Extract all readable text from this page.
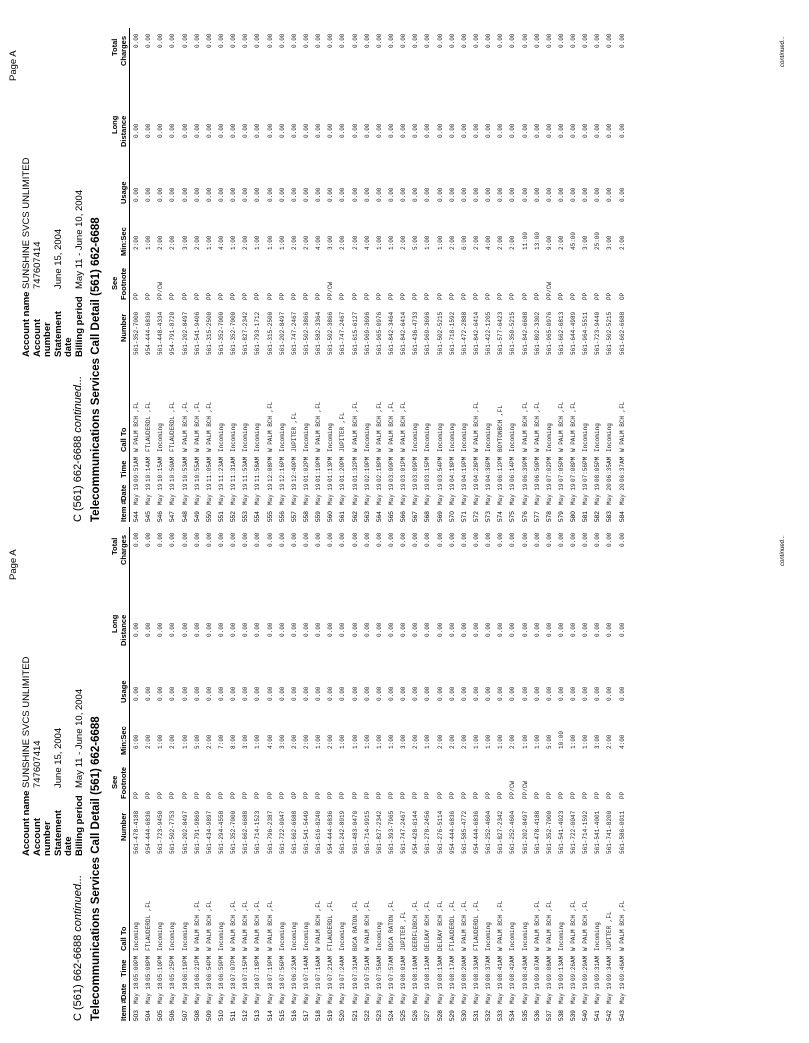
Page A
Account name
SUNSHINE SVCS UNLIMITED
Account number
747607414
Statement date
June 15, 2004
Billing period
May 11 - June 10, 2004
C (561) 662-6688 continued... Telecommunications Services Call Detail (561) 662-6688 Item #
Date
Time
Call To
Number
See Footnote
Min:Sec
Usage
Long Distance
Total Charges
503
May 18
05:00
PM
Incoming
561-478-4188
PP
6:00
0.00
0.00
0.00
504
May 18
05:08
PM
FTLAUDERDL ,FL
954-444-6836
PP
2:00
0.00
0.00
0.00
505
May 18
05:10
PM
Incoming
561-723-9450
PP
1:00
0.00
0.00
0.00
506
May 18
05:25
PM
Incoming
561-502-7753
PP
2:00
0.00
0.00
0.00
507
May 18
06:19
PM
Incoming
561-202-8497
PP
1:00
0.00
0.00
0.00
508
May 18
06:21
PM
W PALM BCH ,FL
561-791-9869
PP
5:00
0.00
0.00
0.00
509
May 18
06:54
PM
W PALM BCH ,FL
561-434-9897
PP
2:00
0.00
0.00
0.00
510
May 18
06:59
PM
Incoming
561-294-4558
PP
7:00
0.00
0.00
0.00
511
May 18
07:07
PM
W PALM BCH ,FL
561-352-7000
PP
8:00
0.00
0.00
0.00
512
May 18
07:15
PM
W PALM BCH ,FL
561-662-6688
PP
3:00
0.00
0.00
0.00
513
May 18
07:18
PM
W PALM BCH ,FL
561-714-1523
PP
1:00
0.00
0.00
0.00
514
May 18
07:19
PM
W PALM BCH ,FL
561-796-2387
PP
4:00
0.00
0.00
0.00
515
May 18
07:56
PM
Incoming
561-722-0047
PP
3:00
0.00
0.00
0.00
516
May 19
06:23
AM
Incoming
561-662-6688
OP
2:00
0.00
0.00
0.00
517
May 19
07:14
AM
Incoming
561-541-5449
PP
2:00
0.00
0.00
0.00
518
May 19
07:16
AM
W PALM BCH ,FL
561-616-8240
PP
1:00
0.00
0.00
0.00
519
May 19
07:21
AM
FTLAUDERDL ,FL
954-444-6836
PP
2:00
0.00
0.00
0.00
520
May 19
07:24
AM
Incoming
561-242-8019
PP
1:00
0.00
0.00
0.00
521
May 19
07:31
AM
BOCA RATON ,FL
561-483-0470
PP
1:00
0.00
0.00
0.00
522
May 19
07:51
AM
W PALM BCH ,FL
561-714-9915
PP
1:00
0.00
0.00
0.00
523
May 19
07:56
AM
Incoming
561-827-2342
PP
1:00
0.00
0.00
0.00
524
May 19
07:57
AM
BOCA RATON ,FL
561-393-7965
PP
1:00
0.00
0.00
0.00
525
May 19
08:01
AM
JUPITER ,FL
561-747-2467
PP
3:00
0.00
0.00
0.00
526
May 19
08:10
AM
DEERFLDBCH ,FL
954-428-6144
PP
2:00
0.00
0.00
0.00
527
May 19
08:12
AM
DELRAY BCH ,FL
561-278-2456
PP
1:00
0.00
0.00
0.00
528
May 19
08:13
AM
DELRAY BCH ,FL
561-276-5114
PP
2:00
0.00
0.00
0.00
529
May 19
08:17
AM
FTLAUDERDL ,FL
954-444-6836
PP
2:00
0.00
0.00
0.00
530
May 19
08:20
AM
W PALM BCH ,FL
561-585-4772
PP
2:00
0.00
0.00
0.00
531
May 19
08:33
AM
FTLAUDERDL ,FL
954-444-6836
PP
1:00
0.00
0.00
0.00
532
May 19
08:37
AM
Incoming
561-252-4604
PP
1:00
0.00
0.00
0.00
533
May 19
08:41
AM
W PALM BCH ,FL
561-827-2342
PP
1:00
0.00
0.00
0.00
534
May 19
08:42
AM
Incoming
561-252-4604
PP/CW
2:00
0.00
0.00
0.00
535
May 19
08:43
AM
Incoming
561-202-8497
PP/CW
1:00
0.00
0.00
0.00
536
May 19
09:07
AM
W PALM BCH ,FL
561-478-4188
PP
1:00
0.00
0.00
0.00
537
May 19
09:08
AM
W PALM BCH ,FL
561-352-7000
PP
5:00
0.00
0.00
0.00
538
May 19
09:13
AM
Incoming
561-541-4023
PP
10:00
0.00
0.00
0.00
539
May 19
09:26
AM
W PALM BCH ,FL
561-722-0047
PP
1:00
0.00
0.00
0.00
540
May 19
09:29
AM
W PALM BCH ,FL
561-714-1592
PP
1:00
0.00
0.00
0.00
541
May 19
09:31
AM
Incoming
561-541-4001
PP
3:00
0.00
0.00
0.00
542
May 19
09:34
AM
JUPITER ,FL
561-741-8200
PP
2:00
0.00
0.00
0.00
543
May 19
09:46
AM
W PALM BCH ,FL
561-586-0011
PP
4:00
0.00
0.00
0.00	continued...
Page A
Account name
SUNSHINE SVCS UNLIMITED
Account number
747607414
Statement date
June 15, 2004
Billing period
May 11 - June 10, 2004
C (561) 662-6688 continued... Telecommunications Services Call Detail (561) 662-6688 Item #
Date
Time
Call To
Number
See Footnote
Min:Sec
Usage
Long Distance
Total Charges
544
May 19
09:51
AM
W PALM BCH ,FL
561-352-7000
PP
2:00
0.00
0.00
0.00
545
May 19
10:14
AM
FTLAUDERDL ,FL
954-444-6836
PP
1:00
0.00
0.00
0.00
546
May 19
10:15
AM
Incoming
561-448-4334
PP/CW
2:00
0.00
0.00
0.00
547
May 19
10:50
AM
FTLAUDERDL ,FL
954-791-8720
PP
2:00
0.00
0.00
0.00
548
May 19
10:53
AM
W PALM BCH ,FL
561-202-8497
PP
3:00
0.00
0.00
0.00
549
May 19
10:55
AM
W PALM BCH ,FL
561-541-9406
PP
2:00
0.00
0.00
0.00
550
May 19
11:05
AM
W PALM BCH ,FL
561-315-2500
PP
1:00
0.00
0.00
0.00
551
May 19
11:23
AM
Incoming
561-352-7000
PP
4:00
0.00
0.00
0.00
552
May 19
11:31
AM
Incoming
561-352-7000
PP
1:00
0.00
0.00
0.00
553
May 19
11:53
AM
Incoming
561-827-2342
PP
2:00
0.00
0.00
0.00
554
May 19
11:58
AM
Incoming
561-793-1712
PP
1:00
0.00
0.00
0.00
555
May 19
12:08
PM
W PALM BCH ,FL
561-315-2500
PP
1:00
0.00
0.00
0.00
556
May 19
12:16
PM
Incoming
561-202-8497
PP
1:00
0.00
0.00
0.00
557
May 19
12:40
PM
JUPITER ,FL
561-747-2467
PP
2:00
0.00
0.00
0.00
558
May 19
01:02
PM
Incoming
561-502-3866
PP
2:00
0.00
0.00
0.00
559
May 19
01:10
PM
W PALM BCH ,FL
561-582-3364
PP
4:00
0.00
0.00
0.00
560
May 19
01:13
PM
Incoming
561-502-3866
PP/CW
3:00
0.00
0.00
0.00
561
May 19
01:20
PM
JUPITER ,FL
561-747-2467
PP
2:00
0.00
0.00
0.00
562
May 19
01:32
PM
W PALM BCH ,FL
561-615-6127
PP
2:00
0.00
0.00
0.00
563
May 19
02:10
PM
Incoming
561-969-3696
PP
4:00
0.00
0.00
0.00
564
May 19
02:18
PM
W PALM BCH ,FL
561-965-0976
PP
1:00
0.00
0.00
0.00
565
May 19
03:00
PM
W PALM BCH ,FL
561-842-3464
PP
1:00
0.00
0.00
0.00
566
May 19
03:01
PM
W PALM BCH ,FL
561-842-6414
PP
2:00
0.00
0.00
0.00
567
May 19
03:09
PM
Incoming
561-436-4733
PP
5:00
0.00
0.00
0.00
568
May 19
03:15
PM
Incoming
561-969-3696
PP
1:00
0.00
0.00
0.00
569
May 19
03:54
PM
Incoming
561-502-5215
PP
1:00
0.00
0.00
0.00
570
May 19
04:18
PM
Incoming
561-718-1592
PP
2:00
0.00
0.00
0.00
571
May 19
04:19
PM
Incoming
561-472-2888
PP
6:00
0.00
0.00
0.00
572
May 19
04:28
PM
W PALM BCH ,FL
561-842-6414
PP
2:00
0.00
0.00
0.00
573
May 19
04:36
PM
Incoming
561-422-1205
PP
4:00
0.00
0.00
0.00
574
May 19
06:12
PM
BOYTONBCH ,FL
561-577-6423
PP
2:00
0.00
0.00
0.00
575
May 19
06:14
PM
Incoming
561-350-5215
PP
2:00
0.00
0.00
0.00
576
May 19
06:39
PM
W PALM BCH ,FL
561-842-6688
PP
11:00
0.00
0.00
0.00
577
May 19
06:50
PM
W PALM BCH ,FL
561-802-3302
PP
13:00
0.00
0.00
0.00
578
May 19
07:02
PM
Incoming
561-965-0976
PP/CW
9:00
0.00
0.00
0.00
579
May 19
07:05
PM
W PALM BCH ,FL
561-662-6813
PP
2:00
0.00
0.00
0.00
580
May 19
07:08
PM
W PALM BCH ,FL
561-644-4989
PP
45:00
0.00
0.00
0.00
581
May 19
07:56
PM
Incoming
561-964-5511
PP
3:00
0.00
0.00
0.00
582
May 19
08:05
PM
Incoming
561-723-9440
PP
25:00
0.00
0.00
0.00
583
May 20
06:35
AM
Incoming
561-502-5215
PP
3:00
0.00
0.00
0.00
584
May 20
06:37
AM
W PALM BCH ,FL
561-662-6688
OP
2:00
0.00
0.00
0.00	continued...
